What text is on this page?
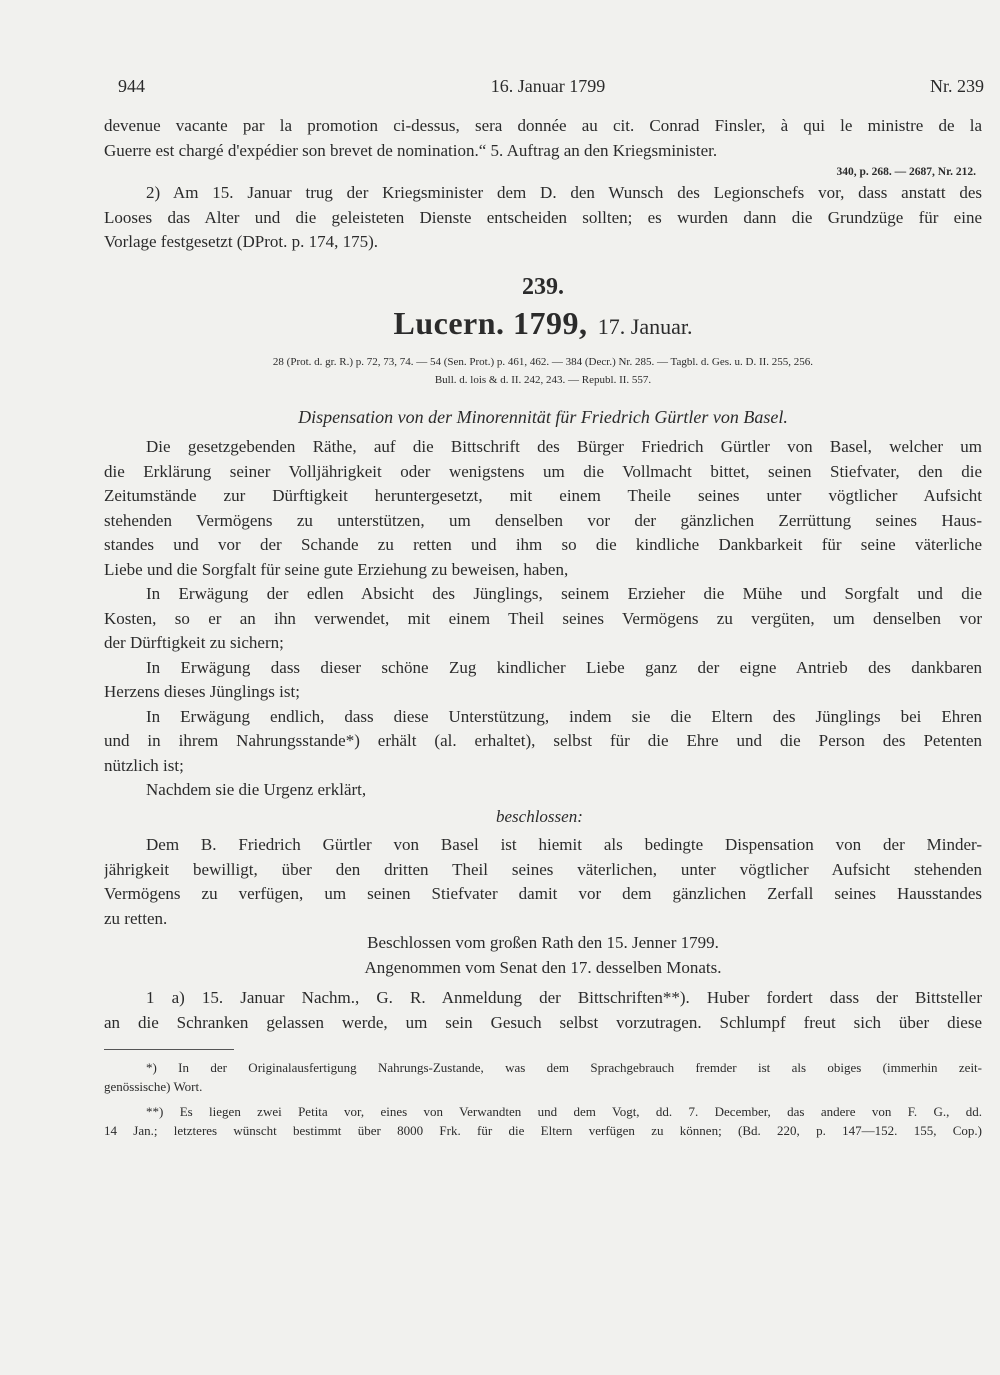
944	16. Januar 1799	Nr. 239
devenue vacante par la promotion ci-dessus, sera donnée au cit. Conrad Finsler, à qui le ministre de la
Guerre est chargé d'expédier son brevet de nomination.“ 5. Auftrag an den Kriegsminister.
340, p. 268. — 2687, Nr. 212.
2) Am 15. Januar trug der Kriegsminister dem D. den Wunsch des Legionschefs vor, dass anstatt des
Looses das Alter und die geleisteten Dienste entscheiden sollten; es wurden dann die Grundzüge für eine
Vorlage festgesetzt (DProt. p. 174, 175).
239.
Lucern. 1799, 17. Januar.
28 (Prot. d. gr. R.) p. 72, 73, 74. — 54 (Sen. Prot.) p. 461, 462. — 384 (Decr.) Nr. 285. — Tagbl. d. Ges. u. D. II. 255, 256.
Bull. d. lois & d. II. 242, 243. — Republ. II. 557.
Dispensation von der Minorennität für Friedrich Gürtler von Basel.
Die gesetzgebenden Räthe, auf die Bittschrift des Bürger Friedrich Gürtler von Basel, welcher um
die Erklärung seiner Volljährigkeit oder wenigstens um die Vollmacht bittet, seinen Stiefvater, den die
Zeitumstände zur Dürftigkeit heruntergesetzt, mit einem Theile seines unter vögtlicher Aufsicht
stehenden Vermögens zu unterstützen, um denselben vor der gänzlichen Zerrüttung seines Haus-
standes und vor der Schande zu retten und ihm so die kindliche Dankbarkeit für seine väterliche
Liebe und die Sorgfalt für seine gute Erziehung zu beweisen, haben,
In Erwägung der edlen Absicht des Jünglings, seinem Erzieher die Mühe und Sorgfalt und die
Kosten, so er an ihn verwendet, mit einem Theil seines Vermögens zu vergüten, um denselben vor
der Dürftigkeit zu sichern;
In Erwägung dass dieser schöne Zug kindlicher Liebe ganz der eigne Antrieb des dankbaren
Herzens dieses Jünglings ist;
In Erwägung endlich, dass diese Unterstützung, indem sie die Eltern des Jünglings bei Ehren
und in ihrem Nahrungsstande*) erhält (al. erhaltet), selbst für die Ehre und die Person des Petenten
nützlich ist;
Nachdem sie die Urgenz erklärt,
beschlossen:
Dem B. Friedrich Gürtler von Basel ist hiemit als bedingte Dispensation von der Minder-
jährigkeit bewilligt, über den dritten Theil seines väterlichen, unter vögtlicher Aufsicht stehenden
Vermögens zu verfügen, um seinen Stiefvater damit vor dem gänzlichen Zerfall seines Hausstandes
zu retten.
Beschlossen vom großen Rath den 15. Jenner 1799.
Angenommen vom Senat den 17. desselben Monats.
1 a) 15. Januar Nachm., G. R. Anmeldung der Bittschriften**). Huber fordert dass der Bittsteller
an die Schranken gelassen werde, um sein Gesuch selbst vorzutragen. Schlumpf freut sich über diese
*) In der Originalausfertigung Nahrungs-Zustande, was dem Sprachgebrauch fremder ist als obiges (immerhin zeit-
genössische) Wort.
**) Es liegen zwei Petita vor, eines von Verwandten und dem Vogt, dd. 7. December, das andere von F. G., dd.
14 Jan.; letzteres wünscht bestimmt über 8000 Frk. für die Eltern verfügen zu können; (Bd. 220, p. 147—152. 155, Cop.)
